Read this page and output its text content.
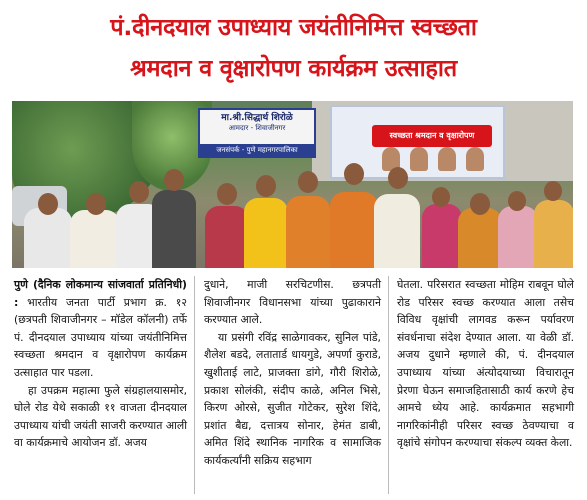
पं.दीनदयाल उपाध्याय जयंतीनिमित्त स्वच्छता
श्रमदान व वृक्षारोपण कार्यक्रम उत्साहात
मा.श्री.सिद्धार्थ शिरोळे
आमदार - शिवाजीनगर
जनसंपर्क - पुणे महानगरपालिका
स्वच्छता श्रमदान व वृक्षारोपण

पुणे (दैनिक लोकमान्य सांजवार्ता प्रतिनिधी) : भारतीय जनता पार्टी प्रभाग क्र. १२ (छत्रपती शिवाजीनगर – मॉडेल कॉलनी) तर्फे पं. दीनदयाल उपाध्याय यांच्या जयंतीनिमित्त स्वच्छता श्रमदान व वृक्षारोपण कार्यक्रम उत्साहात पार पडला.

हा उपक्रम महात्मा फुले संग्रहालयासमोर, घोले रोड येथे सकाळी ११ वाजता दीनदयाल उपाध्याय यांची जयंती साजरी करण्यात आली वा कार्यक्रमाचे आयोजन डॉ. अजय

दुधाने, माजी सरचिटणीस. छत्रपती शिवाजीनगर विधानसभा यांच्या पुढाकाराने करण्यात आले.

या प्रसंगी रविंद्र साळेगावकर, सुनिल पांडे, शैलेश बडदे, लतातार्ड धायगुडे, अपर्णा कुराडे, खुशीताई लाटे, प्राजक्ता डांगे, गौरी शिरोळे, प्रकाश सोलंकी, संदीप काळे, अनिल भिसे, किरण ओरसे, सुजीत गोटेकर, सुरेश शिंदे, प्रशांत बैद्य, दत्तात्रय सोनार, हेमंत डाबी, अमित शिंदे स्थानिक नागरिक व सामाजिक कार्यकर्त्यांनी सक्रिय सहभाग

घेतला. परिसरात स्वच्छता मोहिम राबवून घोले रोड परिसर स्वच्छ करण्यात आला तसेच विविध वृक्षांची लागवड करून पर्यावरण संवर्धनाचा संदेश देण्यात आला. या वेळी डॉ. अजय दुधाने म्हणाले की, पं. दीनदयाल उपाध्याय यांच्या अंत्योदयाच्या विचारातून प्रेरणा घेऊन समाजहितासाठी कार्य करणे हेच आमचे ध्येय आहे. कार्यक्रमात सहभागी नागरिकांनीही परिसर स्वच्छ ठेवण्याचा व वृक्षांचे संगोपन करण्याचा संकल्प व्यक्त केला.
